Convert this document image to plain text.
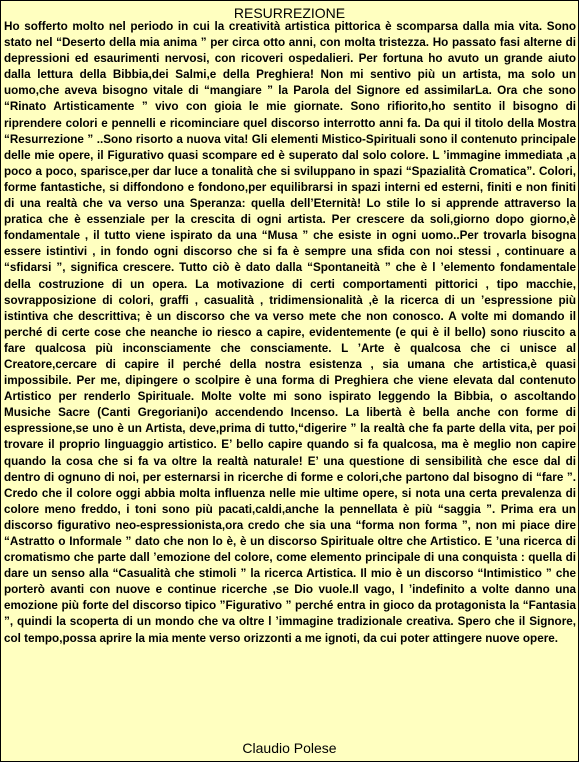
RESURREZIONE

Ho sofferto molto nel periodo in cui la creatività artistica pittorica è scomparsa dalla mia vita. Sono stato nel “Deserto della mia anima ” per circa otto anni, con molta tristezza. Ho passato fasi alterne di depressioni ed esaurimenti nervosi, con ricoveri ospedalieri. Per fortuna ho avuto un grande aiuto dalla lettura della Bibbia,dei Salmi,e della Preghiera! Non mi sentivo più un artista, ma solo un uomo,che aveva bisogno vitale di “mangiare ” la Parola del Signore ed assimilarLa. Ora che sono “Rinato Artisticamente ” vivo con gioia le mie giornate. Sono rifiorito,ho sentito il bisogno di riprendere colori e pennelli e ricominciare quel discorso interrotto anni fa. Da qui il titolo della Mostra “Resurrezione ” ..Sono risorto a nuova vita! Gli elementi Mistico-Spirituali sono il contenuto principale delle mie opere, il Figurativo quasi scompare ed è superato dal solo colore. L ’immagine immediata ,a poco a poco, sparisce,per dar luce a tonalità che si sviluppano in spazi “Spazialità Cromatica”. Colori, forme fantastiche, si diffondono e fondono,per equilibrarsi in spazi interni ed esterni, finiti e non finiti di una realtà che va verso una Speranza: quella dell’Eternità! Lo stile lo si apprende attraverso la pratica che è essenziale per la crescita di ogni artista. Per crescere da soli,giorno dopo giorno,è fondamentale , il tutto viene ispirato da una “Musa ” che esiste in ogni uomo..Per trovarla bisogna essere istintivi , in fondo ogni discorso che si fa è sempre una sfida con noi stessi , continuare a “sfidarsi ”, significa crescere. Tutto ciò è dato dalla “Spontaneità ” che è l ’elemento fondamentale della costruzione di un opera. La motivazione di certi comportamenti pittorici , tipo macchie, sovrapposizione di colori, graffi , casualità , tridimensionalità ,è la ricerca di un ’espressione più istintiva che descrittiva; è un discorso che va verso mete che non conosco. A volte mi domando il perché di certe cose che neanche io riesco a capire, evidentemente (e qui è il bello) sono riuscito a fare qualcosa più inconsciamente che consciamente. L ’Arte è qualcosa che ci unisce al Creatore,cercare di capire il perché della nostra esistenza , sia umana che artistica,è quasi impossibile. Per me, dipingere o scolpire è una forma di Preghiera che viene elevata dal contenuto Artistico per renderlo Spirituale. Molte volte mi sono ispirato leggendo la Bibbia, o ascoltando Musiche Sacre (Canti Gregoriani)o accendendo Incenso. La libertà è bella anche con forme di espressione,se uno è un Artista, deve,prima di tutto,“digerire ” la realtà che fa parte della vita, per poi trovare il proprio linguaggio artistico. E’ bello capire quando si fa qualcosa, ma è meglio non capire quando la cosa che si fa va oltre la realtà naturale! E’ una questione di sensibilità che esce dal di dentro di ognuno di noi, per esternarsi in ricerche di forme e colori,che partono dal bisogno di “fare ”. Credo che il colore oggi abbia molta influenza nelle mie ultime opere, si nota una certa prevalenza di colore meno freddo, i toni sono più pacati,caldi,anche la pennellata è più “saggia ”. Prima era un discorso figurativo neo-espressionista,ora credo che sia una “forma non forma ”, non mi piace dire “Astratto o Informale ” dato che non lo è, è un discorso Spirituale oltre che Artistico. E ’una ricerca di cromatismo che parte dall ’emozione del colore, come elemento principale di una conquista : quella di dare un senso alla “Casualità che stimoli ” la ricerca Artistica. Il mio è un discorso “Intimistico ” che porterò avanti con nuove e continue ricerche ,se Dio vuole.Il vago, l ’indefinito a volte danno una emozione più forte del discorso tipico ”Figurativo ” perché entra in gioco da protagonista la “Fantasia ”, quindi la scoperta di un mondo che va oltre l ’immagine tradizionale creativa. Spero che il Signore, col tempo,possa aprire la mia mente verso orizzonti a me ignoti, da cui poter attingere nuove opere.

Claudio Polese
